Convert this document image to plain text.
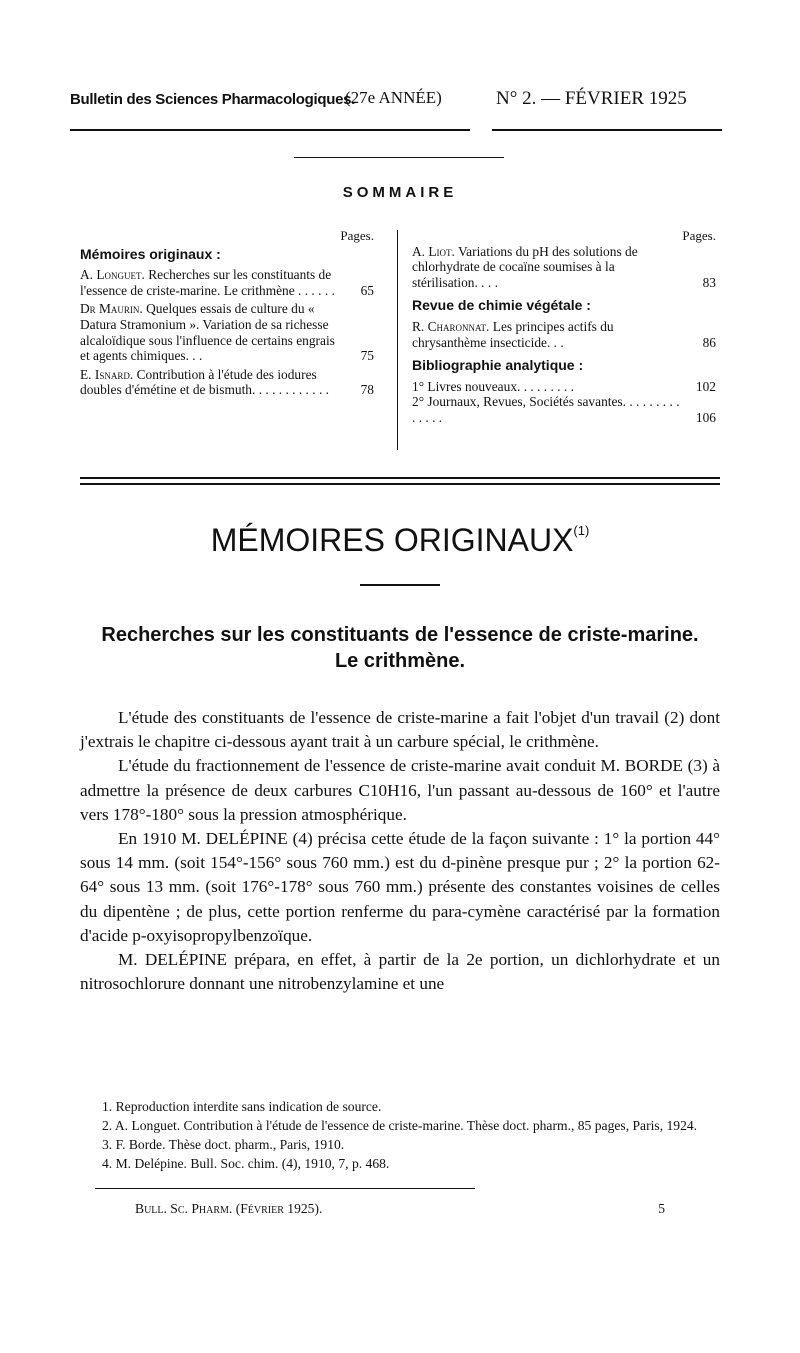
Bulletin des Sciences Pharmacologiques.
(27e ANNÉE)	N° 2. — FÉVRIER 1925
SOMMAIRE
Pages.
Mémoires originaux :
A. Longuet. Recherches sur les constituants de l'essence de criste-marine. Le crithmène . . . . . . 65
Dr Maurin. Quelques essais de culture du « Datura Stramonium ». Variation de sa richesse alcaloïdique sous l'influence de certains engrais et agents chimiques. . .	75
E. Isnard. Contribution à l'étude des iodures doubles d'émétine et de bismuth. . . . . . . . . . . . 78
Pages.
A. Liot. Variations du pH des solutions de chlorhydrate de cocaïne soumises à la stérilisation. . . .	83
Revue de chimie végétale :
R. Charonnat. Les principes actifs du chrysanthème insecticide. . .	86
Bibliographie analytique :
1° Livres nouveaux. . . . . . . . .	102
2° Journaux, Revues, Sociétés savantes. . . . . . . . . . . . . .	106
MÉMOIRES ORIGINAUX$^{(1)}$
Recherches sur les constituants de l'essence de criste-marine.
Le crithmène.

L'étude des constituants de l'essence de criste-marine a fait l'objet d'un travail (2) dont j'extrais le chapitre ci-dessous ayant trait à un carbure spécial, le crithmène.

L'étude du fractionnement de l'essence de criste-marine avait conduit M. BORDE (3) à admettre la présence de deux carbures C10H16, l'un passant au-dessous de 160° et l'autre vers 178°-180° sous la pression atmosphérique.

En 1910 M. DELÉPINE (4) précisa cette étude de la façon suivante : 1° la portion 44° sous 14 mm. (soit 154°-156° sous 760 mm.) est du d-pinène presque pur ; 2° la portion 62-64° sous 13 mm. (soit 176°-178° sous 760 mm.) présente des constantes voisines de celles du dipentène ; de plus, cette portion renferme du para-cymène caractérisé par la formation d'acide p-oxyisopropylbenzoïque.

M. DELÉPINE prépara, en effet, à partir de la 2e portion, un dichlorhydrate et un nitrosochlorure donnant une nitrobenzylamine et une

1. Reproduction interdite sans indication de source.

2. A. Longuet. Contribution à l'étude de l'essence de criste-marine. Thèse doct. pharm., 85 pages, Paris, 1924.

3. F. Borde. Thèse doct. pharm., Paris, 1910.

4. M. Delépine. Bull. Soc. chim. (4), 1910, 7, p. 468.

Bull. Sc. Pharm. (Février 1925).	5
